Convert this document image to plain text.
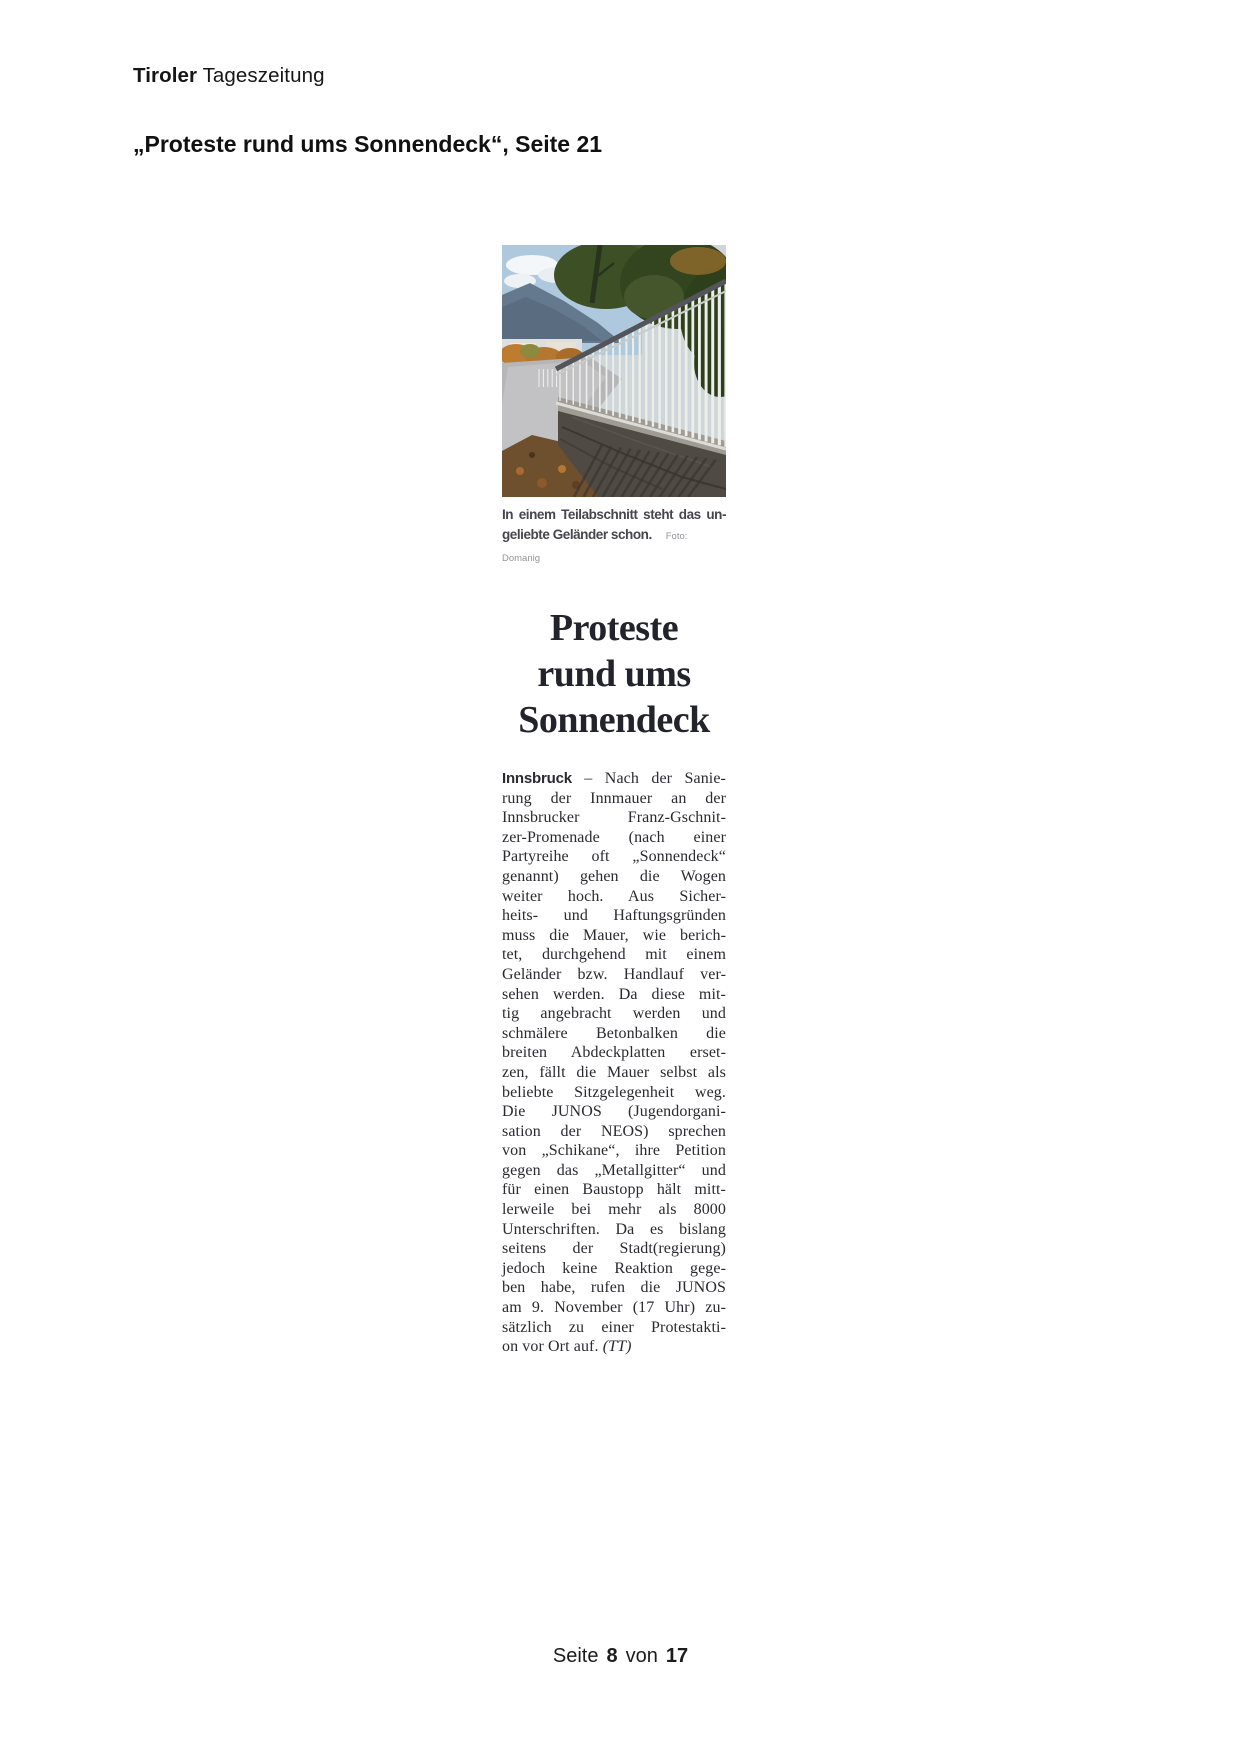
Tiroler Tageszeitung
„Proteste rund ums Sonnendeck“, Seite 21
In einem Teilabschnitt steht das un-
geliebte Geländer schon. Foto: Domanig
Proteste
rund ums
Sonnendeck
Innsbruck – Nach der Sanie-
rung der Innmauer an der
Innsbrucker Franz-Gschnit-
zer-Promenade (nach einer
Partyreihe oft „Sonnendeck“
genannt) gehen die Wogen
weiter hoch. Aus Sicher-
heits- und Haftungsgründen
muss die Mauer, wie berich-
tet, durchgehend mit einem
Geländer bzw. Handlauf ver-
sehen werden. Da diese mit-
tig angebracht werden und
schmälere Betonbalken die
breiten Abdeckplatten erset-
zen, fällt die Mauer selbst als
beliebte Sitzgelegenheit weg.
Die JUNOS (Jugendorgani-
sation der NEOS) sprechen
von „Schikane“, ihre Petition
gegen das „Metallgitter“ und
für einen Baustopp hält mitt-
lerweile bei mehr als 8000
Unterschriften. Da es bislang
seitens der Stadt(regierung)
jedoch keine Reaktion gege-
ben habe, rufen die JUNOS
am 9. November (17 Uhr) zu-
sätzlich zu einer Protestakti-
on vor Ort auf. (TT)
Seite 8 von 17
